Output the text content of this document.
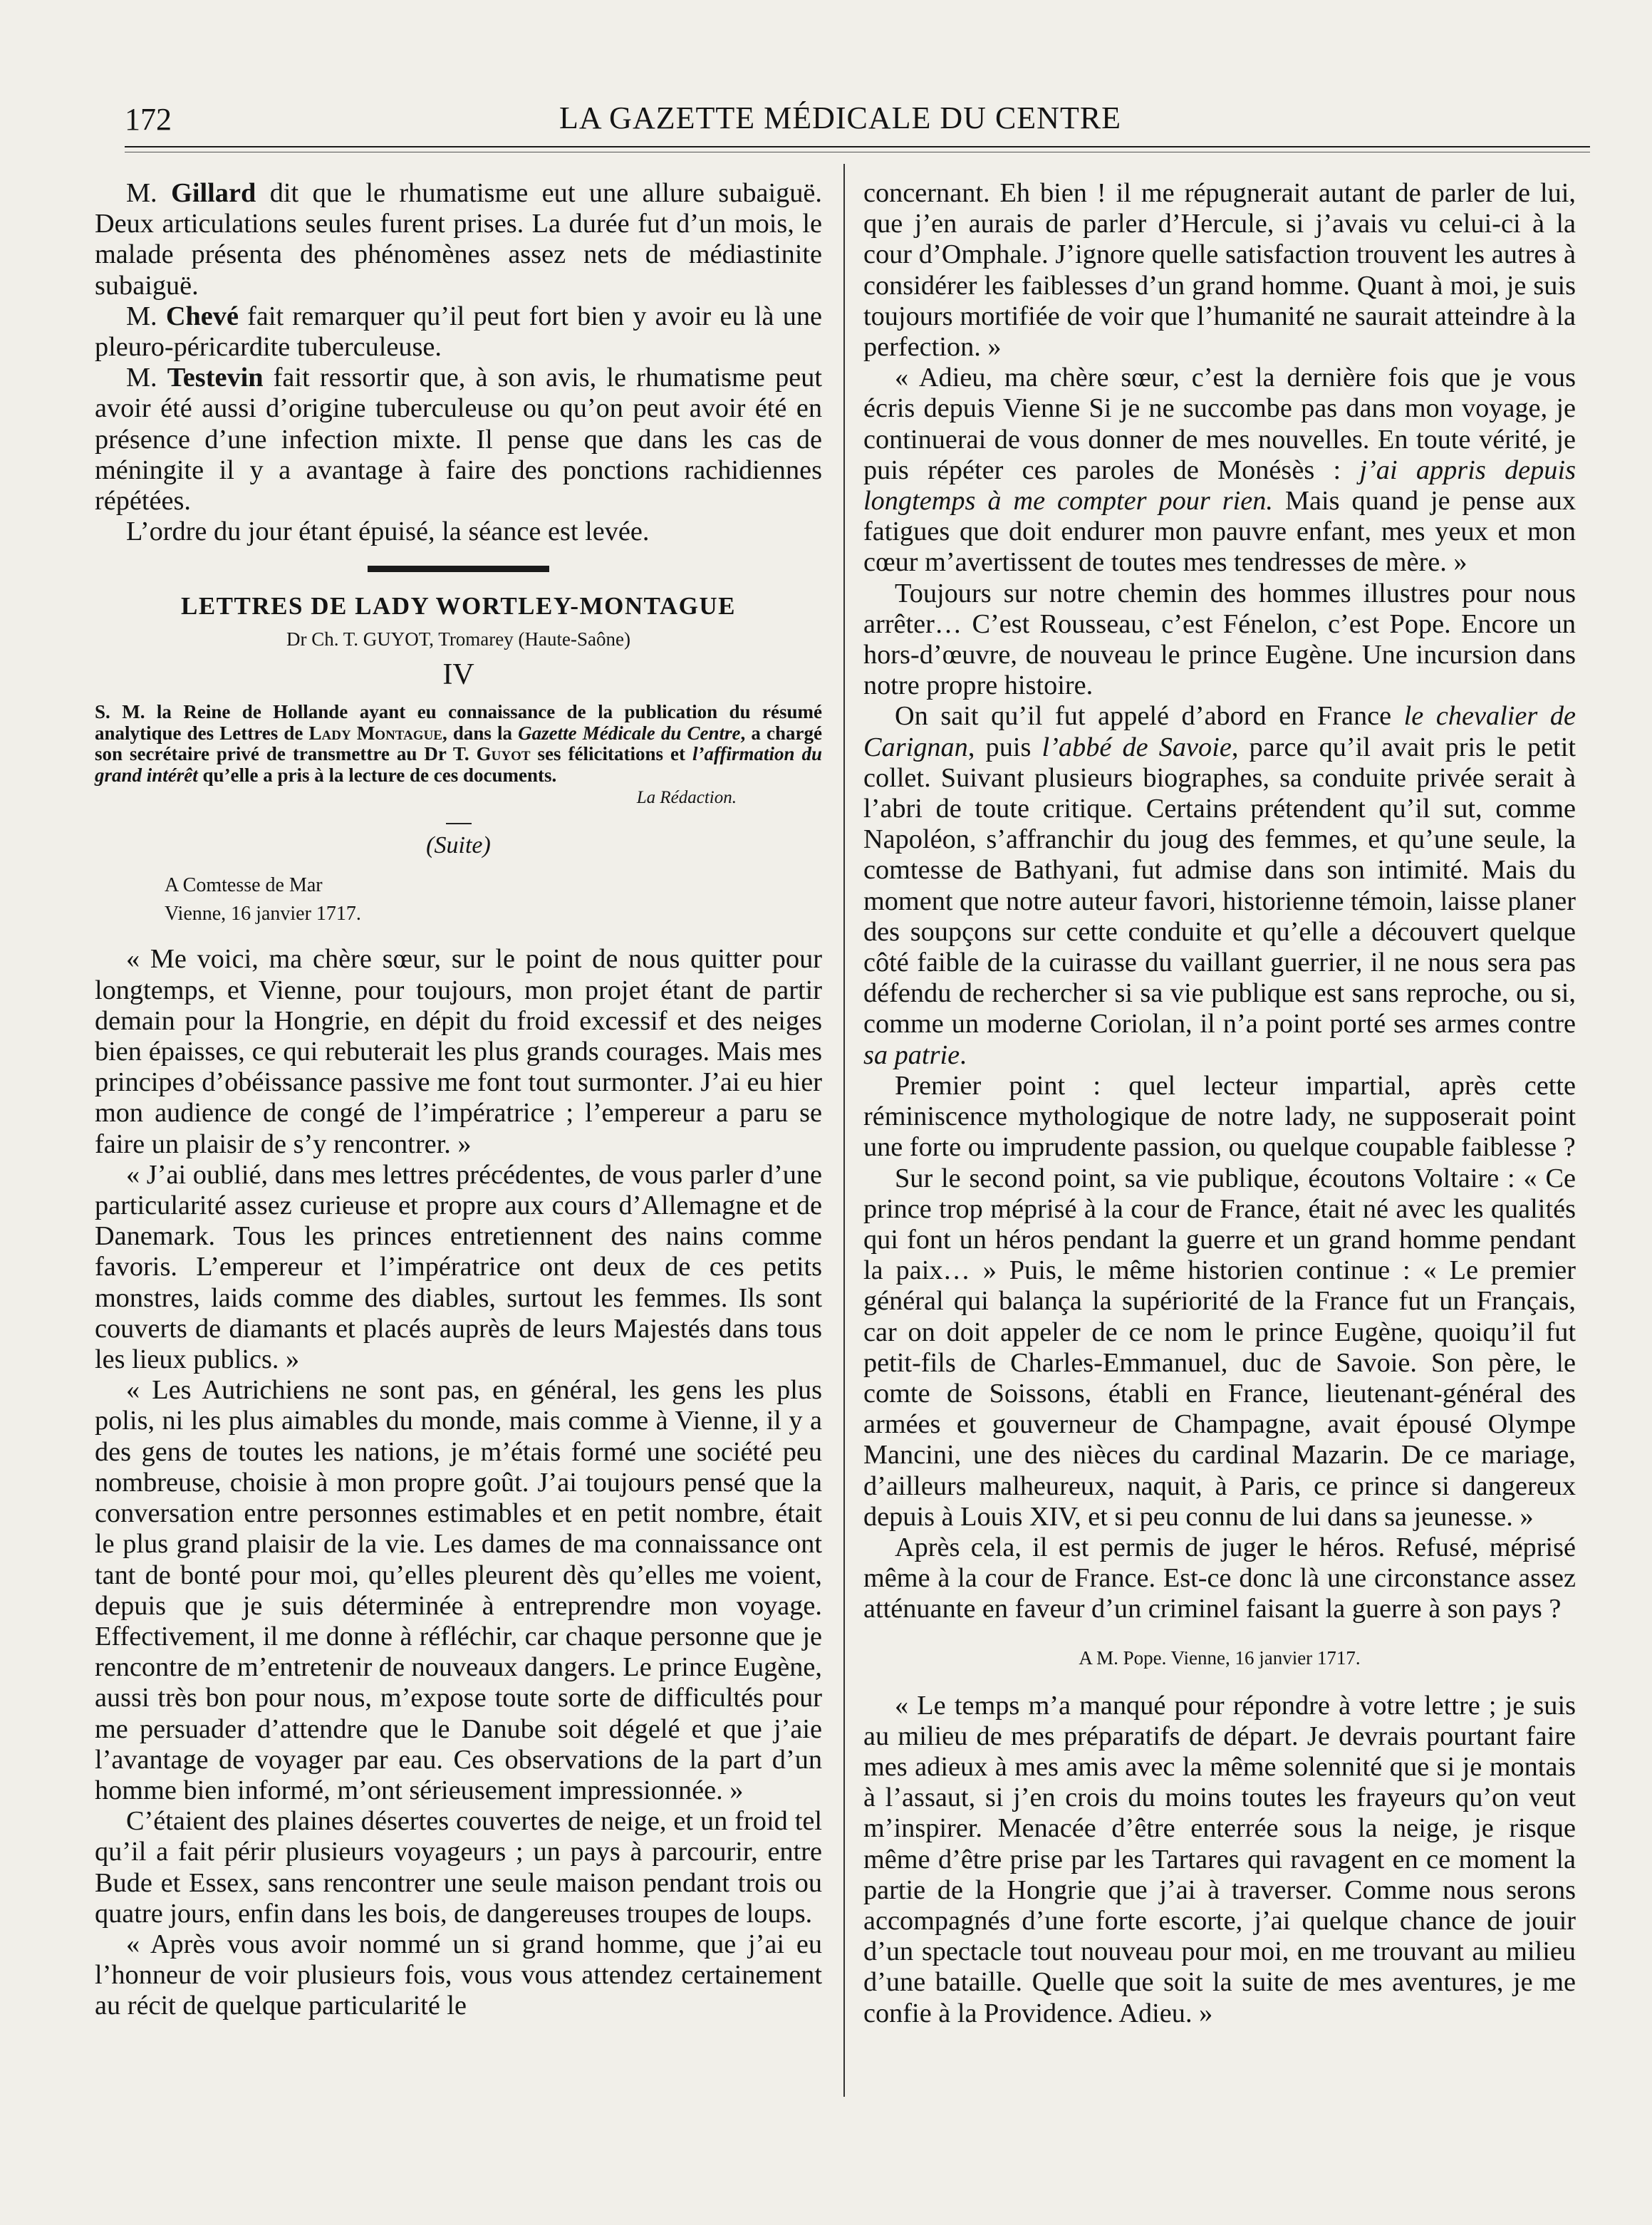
172	LA GAZETTE MÉDICALE DU CENTRE

M. Gillard dit que le rhumatisme eut une allure subaiguë. Deux articulations seules furent prises. La durée fut d’un mois, le malade présenta des phénomènes assez nets de médiastinite subaiguë.

M. Chevé fait remarquer qu’il peut fort bien y avoir eu là une pleuro-péricardite tuberculeuse.

M. Testevin fait ressortir que, à son avis, le rhumatisme peut avoir été aussi d’origine tuberculeuse ou qu’on peut avoir été en présence d’une infection mixte. Il pense que dans les cas de méningite il y a avantage à faire des ponctions rachidiennes répétées.

L’ordre du jour étant épuisé, la séance est levée.

LETTRES DE LADY WORTLEY-MONTAGUE
Dr Ch. T. GUYOT, Tromarey (Haute-Saône)
IV
S. M. la Reine de Hollande ayant eu connaissance de la publication du résumé analytique des Lettres de Lady Montague, dans la Gazette Médicale du Centre, a chargé son secrétaire privé de transmettre au Dr T. Guyot ses félicitations et l’affirmation du grand intérêt qu’elle a pris à la lecture de ces documents.
La Rédaction.
(Suite)
A Comtesse de Mar
Vienne, 16 janvier 1717.

« Me voici, ma chère sœur, sur le point de nous quitter pour longtemps, et Vienne, pour toujours, mon projet étant de partir demain pour la Hongrie, en dépit du froid excessif et des neiges bien épaisses, ce qui rebuterait les plus grands courages. Mais mes principes d’obéissance passive me font tout surmonter. J’ai eu hier mon audience de congé de l’impératrice ; l’empereur a paru se faire un plaisir de s’y rencontrer. »

« J’ai oublié, dans mes lettres précédentes, de vous parler d’une particularité assez curieuse et propre aux cours d’Allemagne et de Danemark. Tous les princes entretiennent des nains comme favoris. L’empereur et l’impératrice ont deux de ces petits monstres, laids comme des diables, surtout les femmes. Ils sont couverts de diamants et placés auprès de leurs Majestés dans tous les lieux publics. »

« Les Autrichiens ne sont pas, en général, les gens les plus polis, ni les plus aimables du monde, mais comme à Vienne, il y a des gens de toutes les nations, je m’étais formé une société peu nombreuse, choisie à mon propre goût. J’ai toujours pensé que la conversation entre personnes estimables et en petit nombre, était le plus grand plaisir de la vie. Les dames de ma connaissance ont tant de bonté pour moi, qu’elles pleurent dès qu’elles me voient, depuis que je suis déterminée à entreprendre mon voyage. Effectivement, il me donne à réfléchir, car chaque personne que je rencontre de m’entretenir de nouveaux dangers. Le prince Eugène, aussi très bon pour nous, m’expose toute sorte de difficultés pour me persuader d’attendre que le Danube soit dégelé et que j’aie l’avantage de voyager par eau. Ces observations de la part d’un homme bien informé, m’ont sérieusement impressionnée. »

C’étaient des plaines désertes couvertes de neige, et un froid tel qu’il a fait périr plusieurs voyageurs ; un pays à parcourir, entre Bude et Essex, sans rencontrer une seule maison pendant trois ou quatre jours, enfin dans les bois, de dangereuses troupes de loups.

« Après vous avoir nommé un si grand homme, que j’ai eu l’honneur de voir plusieurs fois, vous vous attendez certainement au récit de quelque particularité le

concernant. Eh bien ! il me répugnerait autant de parler de lui, que j’en aurais de parler d’Hercule, si j’avais vu celui-ci à la cour d’Omphale. J’ignore quelle satisfaction trouvent les autres à considérer les faiblesses d’un grand homme. Quant à moi, je suis toujours mortifiée de voir que l’humanité ne saurait atteindre à la perfection. »

« Adieu, ma chère sœur, c’est la dernière fois que je vous écris depuis Vienne Si je ne succombe pas dans mon voyage, je continuerai de vous donner de mes nouvelles. En toute vérité, je puis répéter ces paroles de Monésès : j’ai appris depuis longtemps à me compter pour rien. Mais quand je pense aux fatigues que doit endurer mon pauvre enfant, mes yeux et mon cœur m’avertissent de toutes mes tendresses de mère. »

Toujours sur notre chemin des hommes illustres pour nous arrêter… C’est Rousseau, c’est Fénelon, c’est Pope. Encore un hors-d’œuvre, de nouveau le prince Eugène. Une incursion dans notre propre histoire.

On sait qu’il fut appelé d’abord en France le chevalier de Carignan, puis l’abbé de Savoie, parce qu’il avait pris le petit collet. Suivant plusieurs biographes, sa conduite privée serait à l’abri de toute critique. Certains prétendent qu’il sut, comme Napoléon, s’affranchir du joug des femmes, et qu’une seule, la comtesse de Bathyani, fut admise dans son intimité. Mais du moment que notre auteur favori, historienne témoin, laisse planer des soupçons sur cette conduite et qu’elle a découvert quelque côté faible de la cuirasse du vaillant guerrier, il ne nous sera pas défendu de rechercher si sa vie publique est sans reproche, ou si, comme un moderne Coriolan, il n’a point porté ses armes contre sa patrie.

Premier point : quel lecteur impartial, après cette réminiscence mythologique de notre lady, ne supposerait point une forte ou imprudente passion, ou quelque coupable faiblesse ?

Sur le second point, sa vie publique, écoutons Voltaire : « Ce prince trop méprisé à la cour de France, était né avec les qualités qui font un héros pendant la guerre et un grand homme pendant la paix… » Puis, le même historien continue : « Le premier général qui balança la supériorité de la France fut un Français, car on doit appeler de ce nom le prince Eugène, quoiqu’il fut petit-fils de Charles-Emmanuel, duc de Savoie. Son père, le comte de Soissons, établi en France, lieutenant-général des armées et gouverneur de Champagne, avait épousé Olympe Mancini, une des nièces du cardinal Mazarin. De ce mariage, d’ailleurs malheureux, naquit, à Paris, ce prince si dangereux depuis à Louis XIV, et si peu connu de lui dans sa jeunesse. »

Après cela, il est permis de juger le héros. Refusé, méprisé même à la cour de France. Est-ce donc là une circonstance assez atténuante en faveur d’un criminel faisant la guerre à son pays ?

A M. Pope. Vienne, 16 janvier 1717.

« Le temps m’a manqué pour répondre à votre lettre ; je suis au milieu de mes préparatifs de départ. Je devrais pourtant faire mes adieux à mes amis avec la même solennité que si je montais à l’assaut, si j’en crois du moins toutes les frayeurs qu’on veut m’inspirer. Menacée d’être enterrée sous la neige, je risque même d’être prise par les Tartares qui ravagent en ce moment la partie de la Hongrie que j’ai à traverser. Comme nous serons accompagnés d’une forte escorte, j’ai quelque chance de jouir d’un spectacle tout nouveau pour moi, en me trouvant au milieu d’une bataille. Quelle que soit la suite de mes aventures, je me confie à la Providence. Adieu. »
